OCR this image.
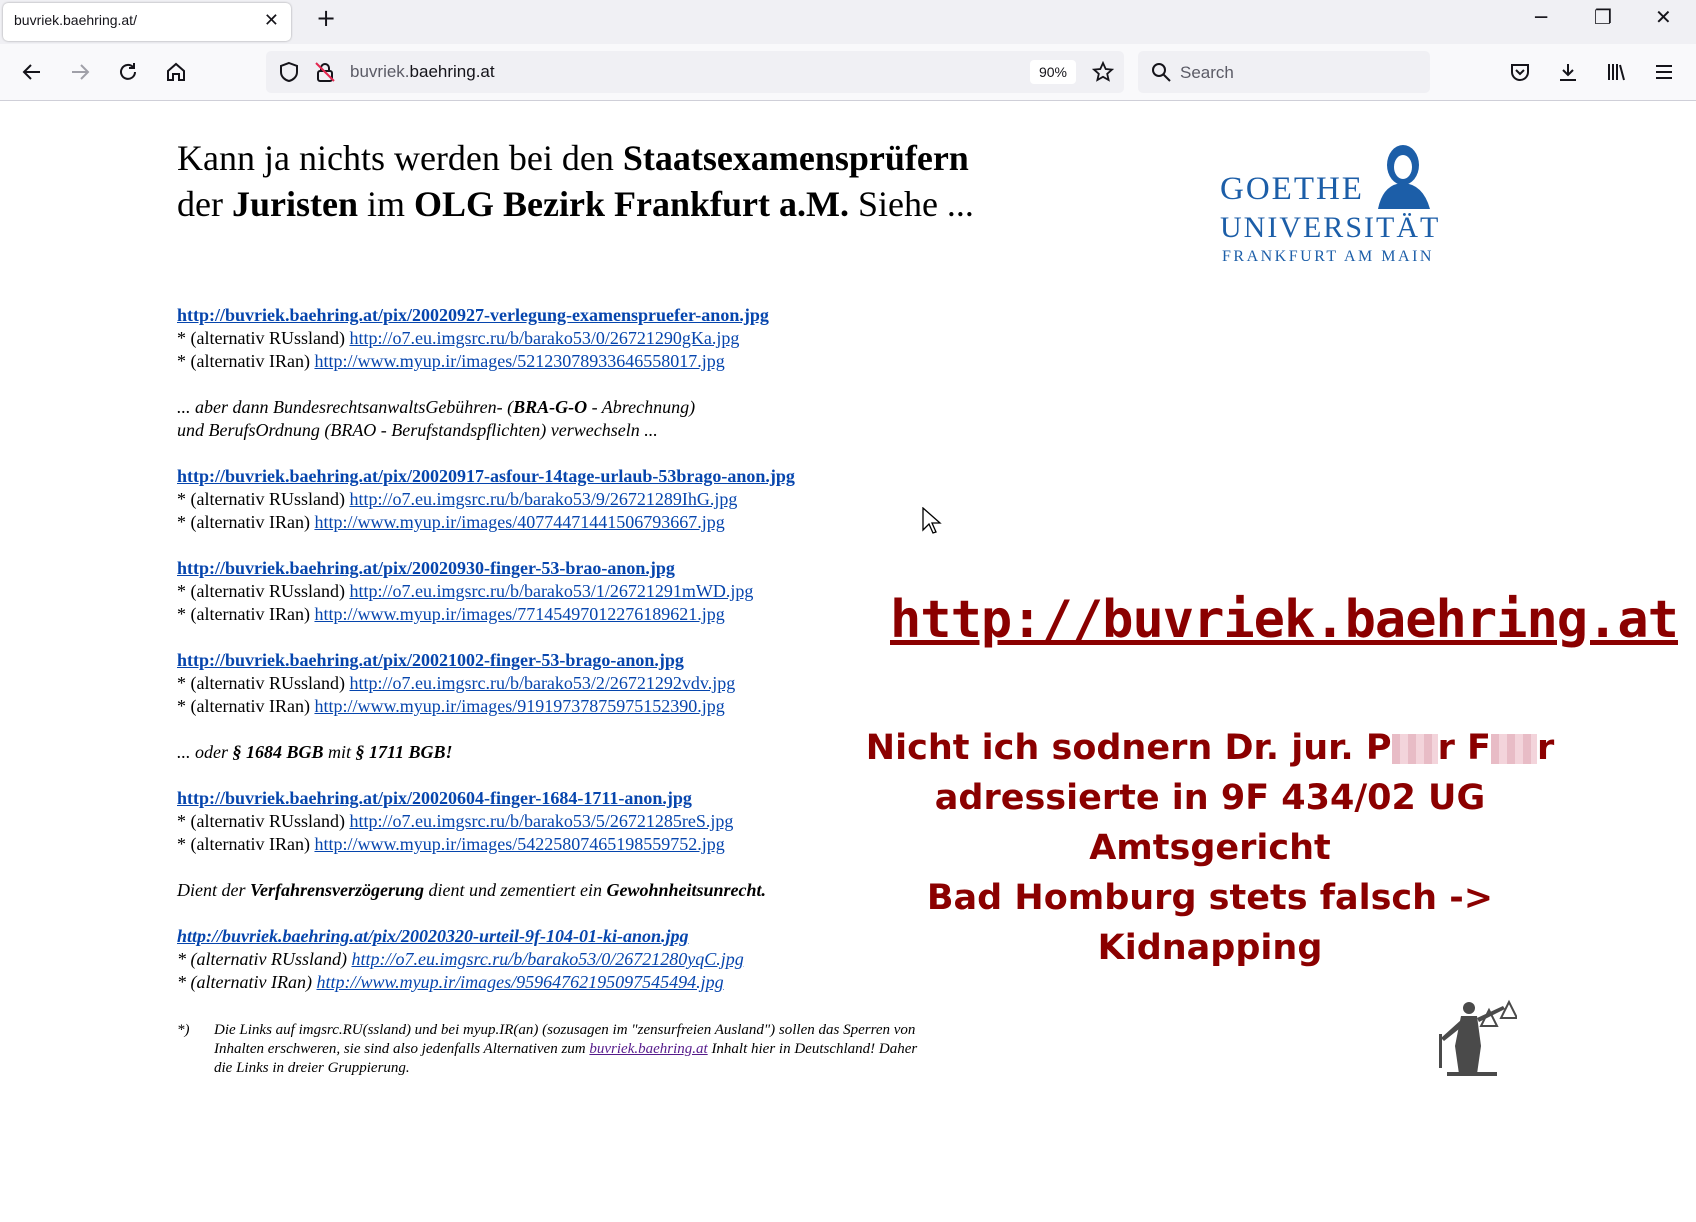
buvriek.baehring.at/	✕ +	─ ❐ ✕
buvriek.baehring.at	90%	Search
Kann ja nichts werden bei den Staatsexamensprüfern
der Juristen im OLG Bezirk Frankfurt a.M. Siehe ...	GOETHE
UNIVERSITÄT
FRANKFURT AM MAIN
http://buvriek.baehring.at/pix/20020927-verlegung-examenspruefer-anon.jpg
* (alternativ RUssland) http://o7.eu.imgsrc.ru/b/barako53/0/26721290gKa.jpg
* (alternativ IRan) http://www.myup.ir/images/52123078933646558017.jpg
... aber dann BundesrechtsanwaltsGebühren- (BRA-G-O - Abrechnung)
und BerufsOrdnung (BRAO - Berufstandspflichten) verwechseln ...
http://buvriek.baehring.at/pix/20020917-asfour-14tage-urlaub-53brago-anon.jpg
* (alternativ RUssland) http://o7.eu.imgsrc.ru/b/barako53/9/26721289IhG.jpg
* (alternativ IRan) http://www.myup.ir/images/40774471441506793667.jpg
http://buvriek.baehring.at/pix/20020930-finger-53-brao-anon.jpg
* (alternativ RUssland) http://o7.eu.imgsrc.ru/b/barako53/1/26721291mWD.jpg
* (alternativ IRan) http://www.myup.ir/images/77145497012276189621.jpg
http://buvriek.baehring.at/pix/20021002-finger-53-brago-anon.jpg
* (alternativ RUssland) http://o7.eu.imgsrc.ru/b/barako53/2/26721292vdv.jpg
* (alternativ IRan) http://www.myup.ir/images/91919737875975152390.jpg
... oder § 1684 BGB mit § 1711 BGB!
http://buvriek.baehring.at/pix/20020604-finger-1684-1711-anon.jpg
* (alternativ RUssland) http://o7.eu.imgsrc.ru/b/barako53/5/26721285reS.jpg
* (alternativ IRan) http://www.myup.ir/images/54225807465198559752.jpg
Dient der Verfahrensverzögerung dient und zementiert ein Gewohnheitsunrecht.
http://buvriek.baehring.at/pix/20020320-urteil-9f-104-01-ki-anon.jpg
* (alternativ RUssland) http://o7.eu.imgsrc.ru/b/barako53/0/26721280yqC.jpg
* (alternativ IRan) http://www.myup.ir/images/95964762195097545494.jpg
*) Die Links auf imgsrc.RU(ssland) und bei myup.IR(an) (sozusagen im "zensurfreien Ausland") sollen das Sperren von Inhalten erschweren, sie sind also jedenfalls Alternativen zum buvriek.baehring.at Inhalt hier in Deutschland! Daher die Links in dreier Gruppierung.
http://buvriek.baehring.at
Nicht ich sodnern Dr. jur. P r F r
adressierte in 9F 434/02 UG Amtsgericht
Bad Homburg stets falsch -> Kidnapping
